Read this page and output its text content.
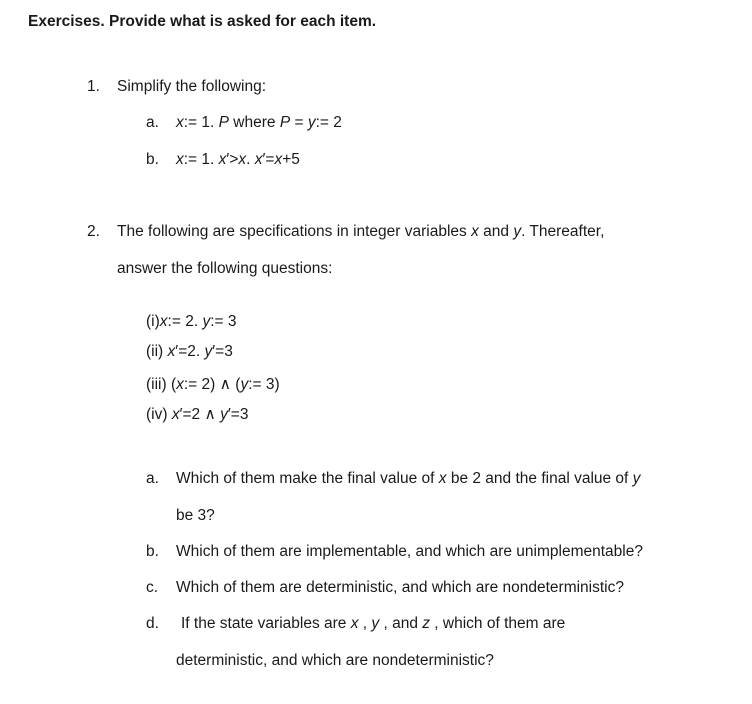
Exercises. Provide what is asked for each item.
1. Simplify the following:
a. x:= 1. P where P = y:= 2
b. x:= 1. x′>x. x′=x+5
2. The following are specifications in integer variables x and y. Thereafter,
answer the following questions:
(i)x:= 2. y:= 3
(ii) x′=2. y′=3
(iii) (x:= 2) ∧ (y:= 3)
(iv) x′=2 ∧ y′=3
a. Which of them make the final value of x be 2 and the final value of y
be 3?
b. Which of them are implementable, and which are unimplementable?
c. Which of them are deterministic, and which are nondeterministic?
d. If the state variables are x , y , and z , which of them are
deterministic, and which are nondeterministic?
